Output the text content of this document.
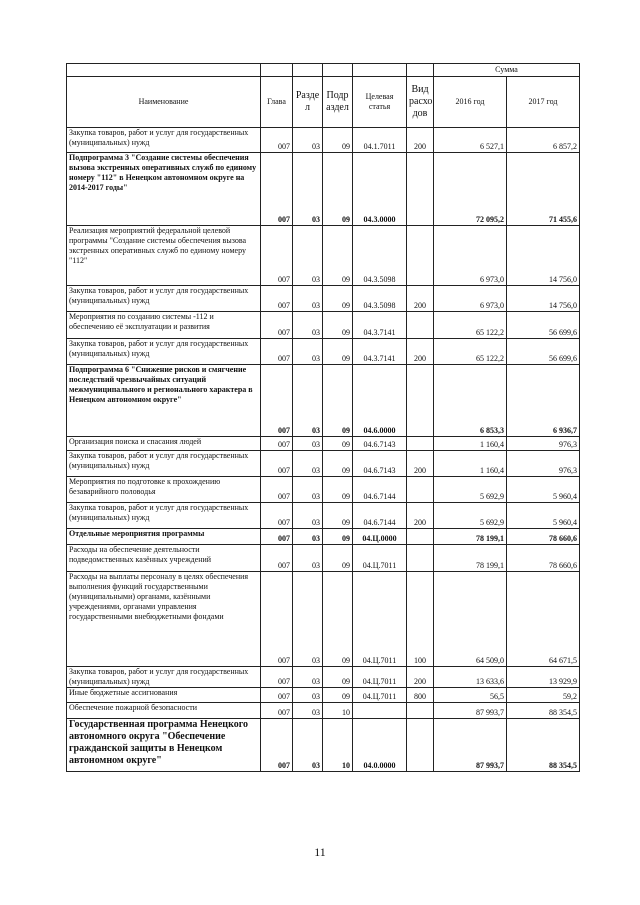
						Сумма	
Наименование	Глава	Разде л	Подр аздел	Целевая статья	Вид расхо дов	2016 год	2017 год
Закупка товаров, работ и услуг для государственных (муниципальных) нужд	007	03	09	04.1.7011	200	6 527,1	6 857,2
Подпрограмма 3 "Создание системы обеспечения вызова экстренных оперативных служб по единому номеру "112" в Ненецком автономном округе на 2014-2017 годы"	007	03	09	04.3.0000		72 095,2	71 455,6
Реализация мероприятий федеральной целевой программы "Создание системы обеспечения вызова экстренных оперативных служб по единому номеру "112"	007	03	09	04.3.5098		6 973,0	14 756,0
Закупка товаров, работ и услуг для государственных (муниципальных) нужд	007	03	09	04.3.5098	200	6 973,0	14 756,0
Мероприятия по созданию системы -112 и обеспечению её эксплуатации и развития	007	03	09	04.3.7141		65 122,2	56 699,6
Закупка товаров, работ и услуг для государственных (муниципальных) нужд	007	03	09	04.3.7141	200	65 122,2	56 699,6
Подпрограмма 6 "Снижение рисков и смягчение последствий чрезвычайных ситуаций межмуниципального и регионального характера в Ненецком автономном округе"	007	03	09	04.6.0000		6 853,3	6 936,7
Организация поиска и спасания людей	007	03	09	04.6.7143		1 160,4	976,3
Закупка товаров, работ и услуг для государственных (муниципальных) нужд	007	03	09	04.6.7143	200	1 160,4	976,3
Мероприятия по подготовке к прохождению безаварийного половодья	007	03	09	04.6.7144		5 692,9	5 960,4
Закупка товаров, работ и услуг для государственных (муниципальных) нужд	007	03	09	04.6.7144	200	5 692,9	5 960,4
Отдельные мероприятия программы	007	03	09	04.Ц.0000		78 199,1	78 660,6
Расходы на обеспечение деятельности подведомственных казённых учреждений	007	03	09	04.Ц.7011		78 199,1	78 660,6
Расходы на выплаты персоналу в целях обеспечения выполнения функций государственными (муниципальными) органами, казёнными учреждениями, органами управления государственными внебюджетными фондами	007	03	09	04.Ц.7011	100	64 509,0	64 671,5
Закупка товаров, работ и услуг для государственных (муниципальных) нужд	007	03	09	04.Ц.7011	200	13 633,6	13 929,9
Иные бюджетные ассигнования	007	03	09	04.Ц.7011	800	56,5	59,2
Обеспечение пожарной безопасности	007	03	10			87 993,7	88 354,5
Государственная программа Ненецкого автономного округа "Обеспечение гражданской защиты в Ненецком автономном округе"	007	03	10	04.0.0000		87 993,7	88 354,5
11
